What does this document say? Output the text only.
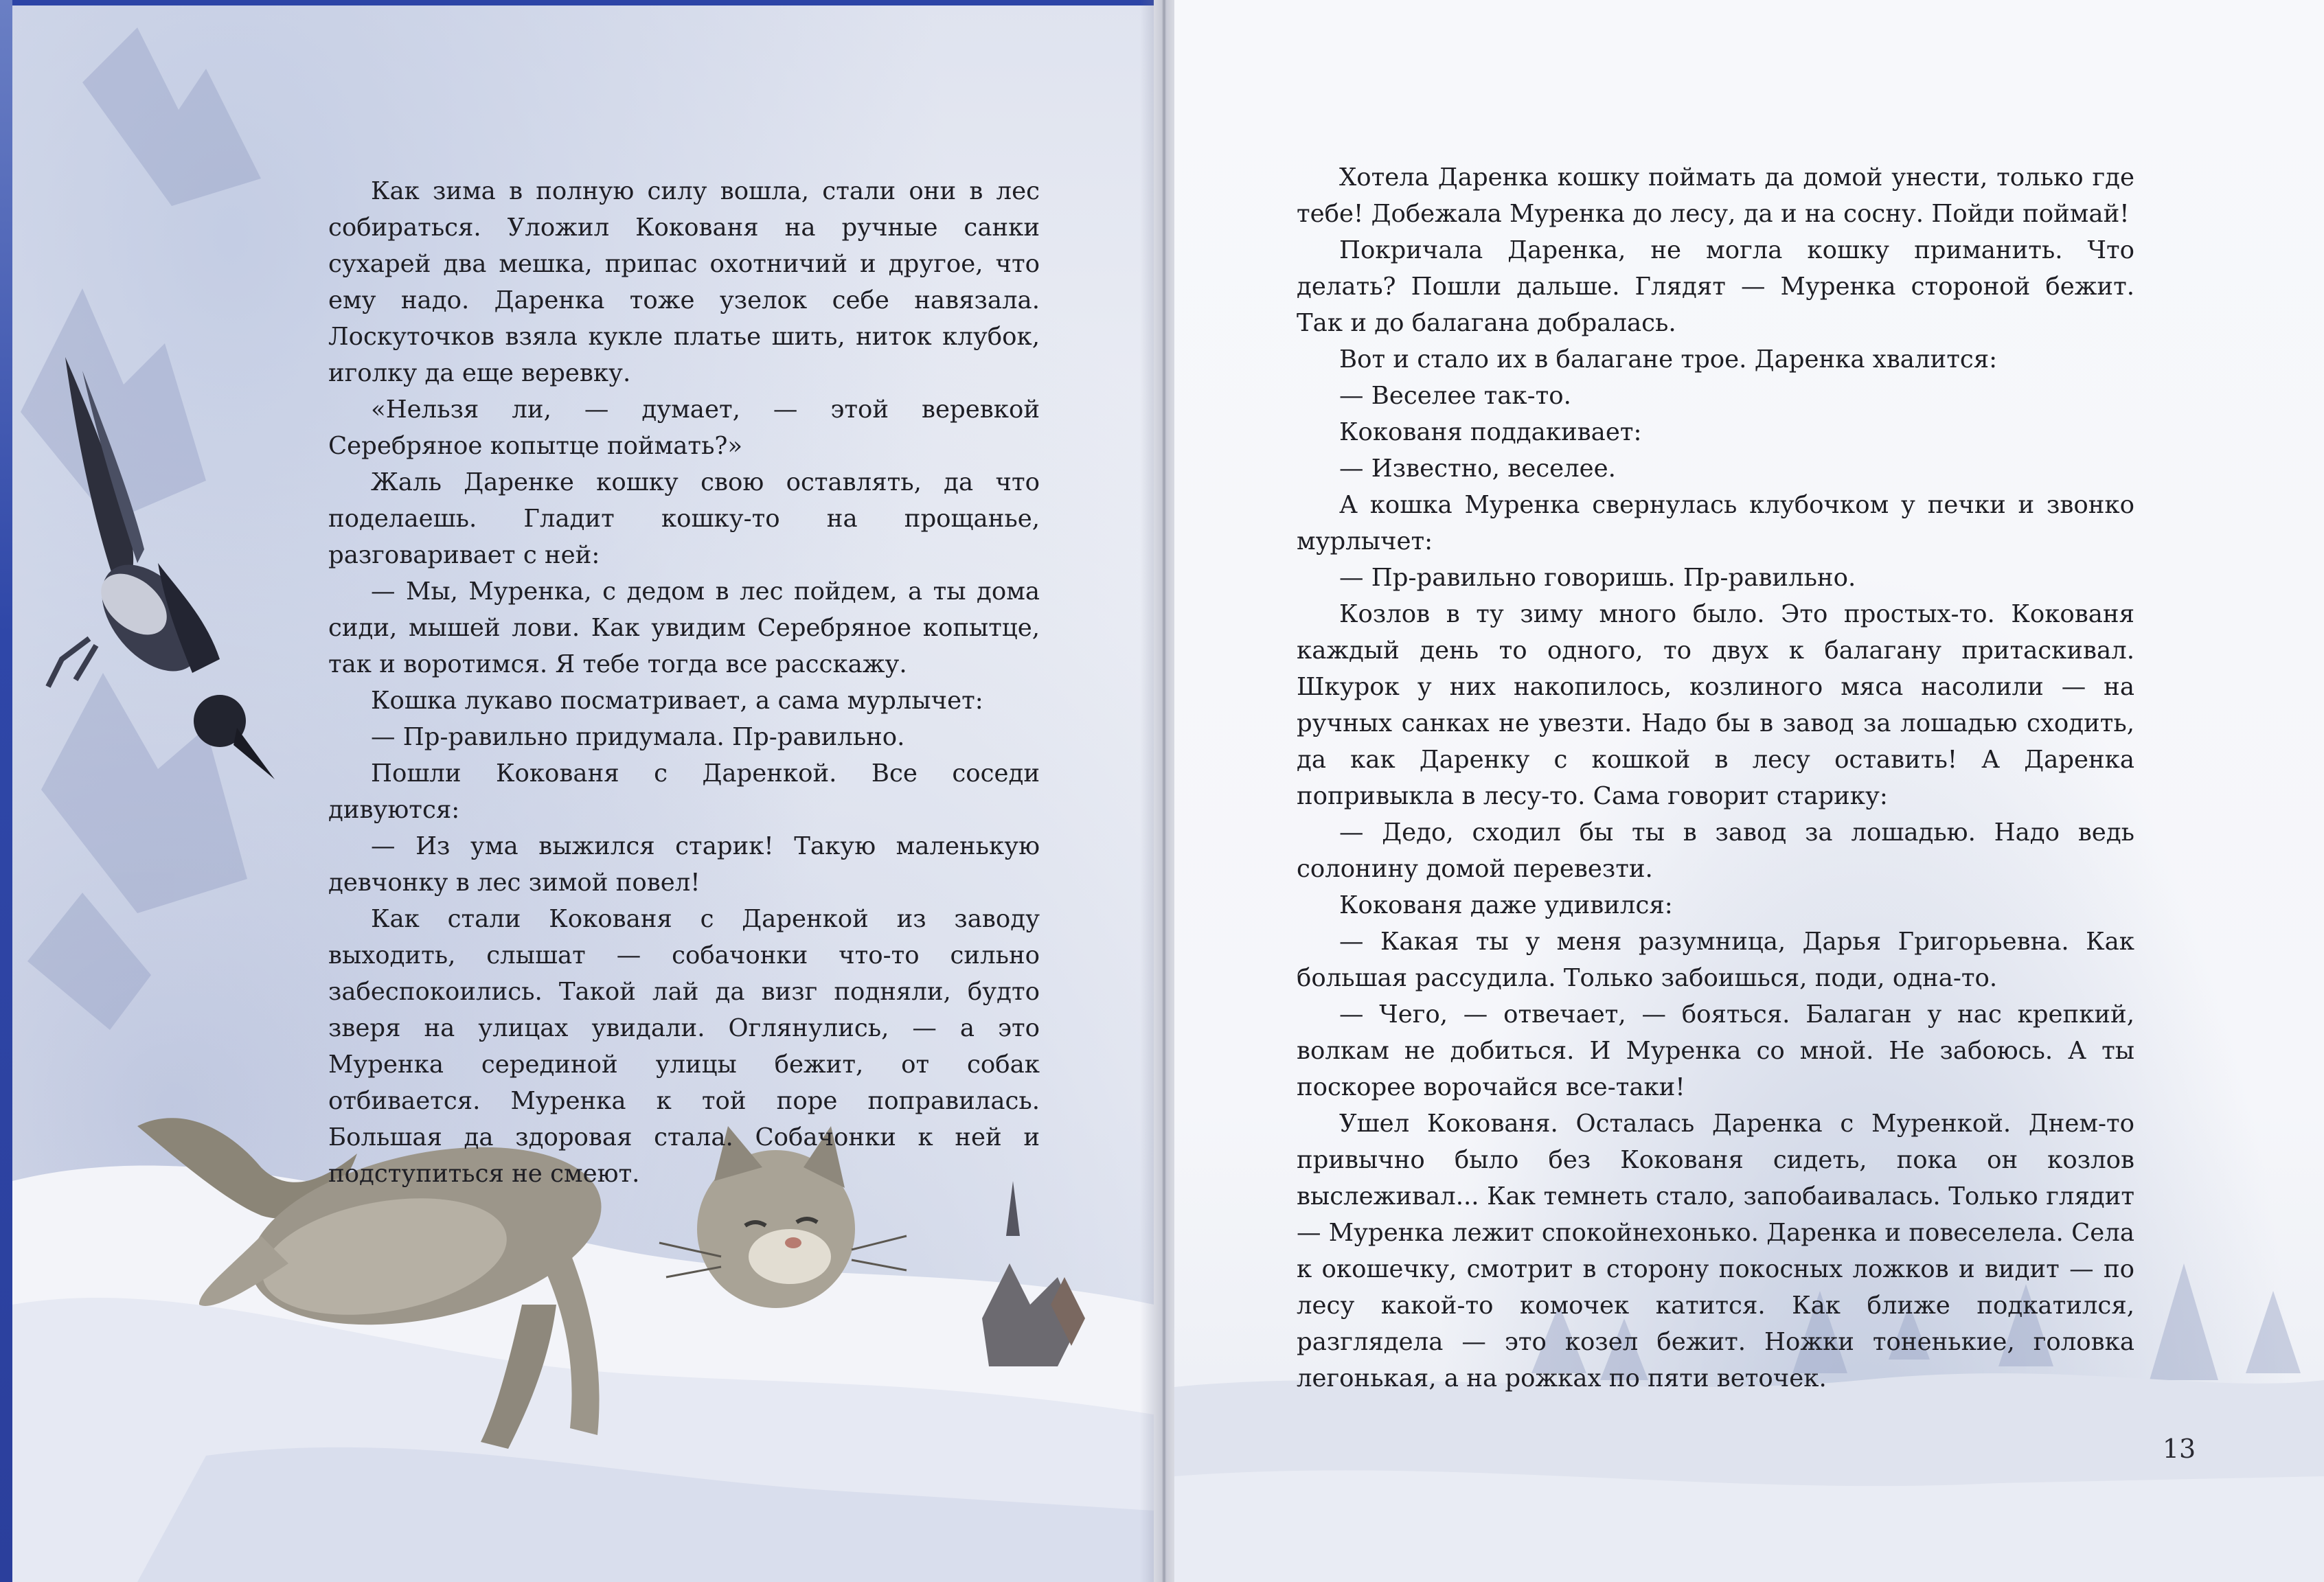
Как зима в полную силу вошла, стали они в лес собираться. Уложил Кокованя на ручные санки сухарей два мешка, припас охотничий и другое, что ему надо. Даренка тоже узелок себе навязала. Лоскуточков взяла кукле платье шить, ниток клубок, иголку да еще веревку.

«Нельзя ли, — думает, — этой веревкой Серебряное копытце поймать?»

Жаль Даренке кошку свою оставлять, да что поделаешь. Гладит кошку-то на прощанье, разговаривает с ней:

— Мы, Муренка, с дедом в лес пойдем, а ты дома сиди, мышей лови. Как увидим Серебряное копытце, так и воротимся. Я тебе тогда все расскажу.

Кошка лукаво посматривает, а сама мурлычет:

— Пр-равильно придумала. Пр-равильно.

Пошли Кокованя с Даренкой. Все соседи дивуются:

— Из ума выжился старик! Такую маленькую девчонку в лес зимой повел!

Как стали Кокованя с Даренкой из заводу выходить, слышат — собачонки что-то сильно забеспокоились. Такой лай да визг подняли, будто зверя на улицах увидали. Оглянулись, — а это Муренка серединой улицы бежит, от собак отбивается. Муренка к той поре поправилась. Большая да здоровая стала. Собачонки к ней и подступиться не смеют.

Хотела Даренка кошку поймать да домой унести, только где тебе! Добежала Муренка до лесу, да и на сосну. Пойди поймай!

Покричала Даренка, не могла кошку приманить. Что делать? Пошли дальше. Глядят — Муренка стороной бежит. Так и до балагана добралась.

Вот и стало их в балагане трое. Даренка хвалится:

— Веселее так-то.

Кокованя поддакивает:

— Известно, веселее.

А кошка Муренка свернулась клубочком у печки и звонко мурлычет:

— Пр-равильно говоришь. Пр-равильно.

Козлов в ту зиму много было. Это простых-то. Кокованя каждый день то одного, то двух к балагану притаскивал. Шкурок у них накопилось, козлиного мяса насолили — на ручных санках не увезти. Надо бы в завод за лошадью сходить, да как Даренку с кошкой в лесу оставить! А Даренка попривыкла в лесу-то. Сама говорит старику:

— Дедо, сходил бы ты в завод за лошадью. Надо ведь солонину домой перевезти.

Кокованя даже удивился:

— Какая ты у меня разумница, Дарья Григорьевна. Как большая рассудила. Только забоишься, поди, одна-то.

— Чего, — отвечает, — бояться. Балаган у нас крепкий, волкам не добиться. И Муренка со мной. Не забоюсь. А ты поскорее ворочайся все-таки!

Ушел Кокованя. Осталась Даренка с Муренкой. Днем-то привычно было без Кокованя сидеть, пока он козлов выслеживал... Как темнеть стало, запобаивалась. Только глядит — Муренка лежит спокойнехонько. Даренка и повеселела. Села к окошечку, смотрит в сторону покосных ложков и видит — по лесу какой-то комочек катится. Как ближе подкатился, разглядела — это козел бежит. Ножки тоненькие, головка легонькая, а на рожках по пяти веточек.

13
